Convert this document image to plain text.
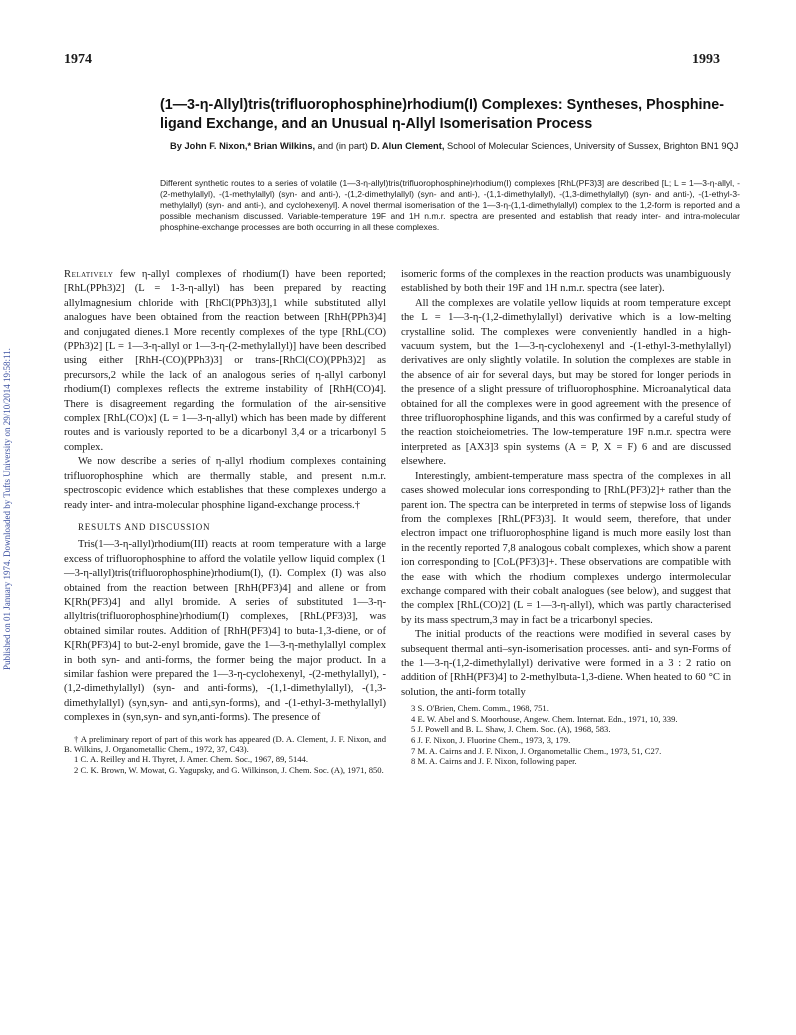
1974	1993
(1—3-η-Allyl)tris(trifluorophosphine)rhodium(I) Complexes: Syntheses, Phosphine-ligand Exchange, and an Unusual η-Allyl Isomerisation Process
By John F. Nixon,* Brian Wilkins, and (in part) D. Alun Clement, School of Molecular Sciences, University of Sussex, Brighton BN1 9QJ
Different synthetic routes to a series of volatile (1—3-η-allyl)tris(trifluorophosphine)rhodium(I) complexes [RhL(PF3)3] are described [L; L = 1—3-η-allyl, -(2-methylallyl), -(1-methylallyl) (syn- and anti-), -(1,2-dimethylallyl) (syn- and anti-), -(1,1-dimethylallyl), -(1,3-dimethylallyl) (syn- and anti-), -(1-ethyl-3-methylallyl) (syn- and anti-), and cyclohexenyl]. A novel thermal isomerisation of the 1—3-η-(1,1-dimethylallyl) complex to the 1,2-form is reported and a possible mechanism discussed. Variable-temperature 19F and 1H n.m.r. spectra are presented and establish that ready inter- and intra-molecular phosphine-exchange processes are both occurring in all these complexes.
Published on 01 January 1974. Downloaded by Tufts University on 29/10/2014 19:58:11.

Relatively few η-allyl complexes of rhodium(I) have been reported; [RhL(PPh3)2] (L = 1-3-η-allyl) has been prepared by reacting allylmagnesium chloride with [RhCl(PPh3)3],1 while substituted allyl analogues have been obtained from the reaction between [RhH(PPh3)4] and conjugated dienes.1 More recently complexes of the type [RhL(CO)(PPh3)2] [L = 1—3-η-allyl or 1—3-η-(2-methylallyl)] have been described using either [RhH-(CO)(PPh3)3] or trans-[RhCl(CO)(PPh3)2] as precursors,2 while the lack of an analogous series of η-allyl carbonyl rhodium(I) complexes reflects the extreme instability of [RhH(CO)4]. There is disagreement regarding the formulation of the air-sensitive complex [RhL(CO)x] (L = 1—3-η-allyl) which has been made by different routes and is variously reported to be a dicarbonyl 3,4 or a tricarbonyl 5 complex.

We now describe a series of η-allyl rhodium complexes containing trifluorophosphine which are thermally stable, and present n.m.r. spectroscopic evidence which establishes that these complexes undergo a ready inter- and intra-molecular phosphine ligand-exchange process.†

RESULTS AND DISCUSSION

Tris(1—3-η-allyl)rhodium(III) reacts at room temperature with a large excess of trifluorophosphine to afford the volatile yellow liquid complex (1—3-η-allyl)tris(trifluorophosphine)rhodium(I), (I). Complex (I) was also obtained from the reaction between [RhH(PF3)4] and allene or from K[Rh(PF3)4] and allyl bromide. A series of substituted 1—3-η-allyltris(trifluorophosphine)rhodium(I) complexes, [RhL(PF3)3], was obtained similar routes. Addition of [RhH(PF3)4] to buta-1,3-diene, or of K[Rh(PF3)4] to but-2-enyl bromide, gave the 1—3-η-methylallyl complex in both syn- and anti-forms, the former being the major product. In a similar fashion were prepared the 1—3-η-cyclohexenyl, -(2-methylallyl), -(1,2-dimethylallyl) (syn- and anti-forms), -(1,1-dimethylallyl), -(1,3-dimethylallyl) (syn,syn- and anti,syn-forms), and -(1-ethyl-3-methylallyl) complexes in (syn,syn- and syn,anti-forms). The presence of

† A preliminary report of part of this work has appeared (D. A. Clement, J. F. Nixon, and B. Wilkins, J. Organometallic Chem., 1972, 37, C43).
1 C. A. Reilley and H. Thyret, J. Amer. Chem. Soc., 1967, 89, 5144.
2 C. K. Brown, W. Mowat, G. Yagupsky, and G. Wilkinson, J. Chem. Soc. (A), 1971, 850.

isomeric forms of the complexes in the reaction products was unambiguously established by both their 19F and 1H n.m.r. spectra (see later).

All the complexes are volatile yellow liquids at room temperature except the L = 1—3-η-(1,2-dimethylallyl) derivative which is a low-melting crystalline solid. The complexes were conveniently handled in a high-vacuum system, but the 1—3-η-cyclohexenyl and -(1-ethyl-3-methylallyl) derivatives are only slightly volatile. In solution the complexes are stable in the absence of air for several days, but may be stored for longer periods in the presence of a slight pressure of trifluorophosphine. Microanalytical data obtained for all the complexes were in good agreement with the presence of three trifluorophosphine ligands, and this was confirmed by a careful study of the reaction stoicheiometries. The low-temperature 19F n.m.r. spectra were interpreted as [AX3]3 spin systems (A = P, X = F) 6 and are discussed elsewhere.

Interestingly, ambient-temperature mass spectra of the complexes in all cases showed molecular ions corresponding to [RhL(PF3)2]+ rather than the parent ion. The spectra can be interpreted in terms of stepwise loss of ligands from the complexes [RhL(PF3)3]. It would seem, therefore, that under electron impact one trifluorophosphine ligand is much more easily lost than in the recently reported 7,8 analogous cobalt complexes, which show a parent ion corresponding to [CoL(PF3)3]+. These observations are compatible with the ease with which the rhodium complexes undergo intermolecular exchange compared with their cobalt analogues (see below), and suggest that the complex [RhL(CO)2] (L = 1—3-η-allyl), which was partly characterised by its mass spectrum,3 may in fact be a tricarbonyl species.

The initial products of the reactions were modified in several cases by subsequent thermal anti–syn-isomerisation processes. anti- and syn-Forms of the 1—3-η-(1,2-dimethylallyl) derivative were formed in a 3 : 2 ratio on addition of [RhH(PF3)4] to 2-methylbuta-1,3-diene. When heated to 60 °C in solution, the anti-form totally

3 S. O'Brien, Chem. Comm., 1968, 751.
4 E. W. Abel and S. Moorhouse, Angew. Chem. Internat. Edn., 1971, 10, 339.
5 J. Powell and B. L. Shaw, J. Chem. Soc. (A), 1968, 583.
6 J. F. Nixon, J. Fluorine Chem., 1973, 3, 179.
7 M. A. Cairns and J. F. Nixon, J. Organometallic Chem., 1973, 51, C27.
8 M. A. Cairns and J. F. Nixon, following paper.
